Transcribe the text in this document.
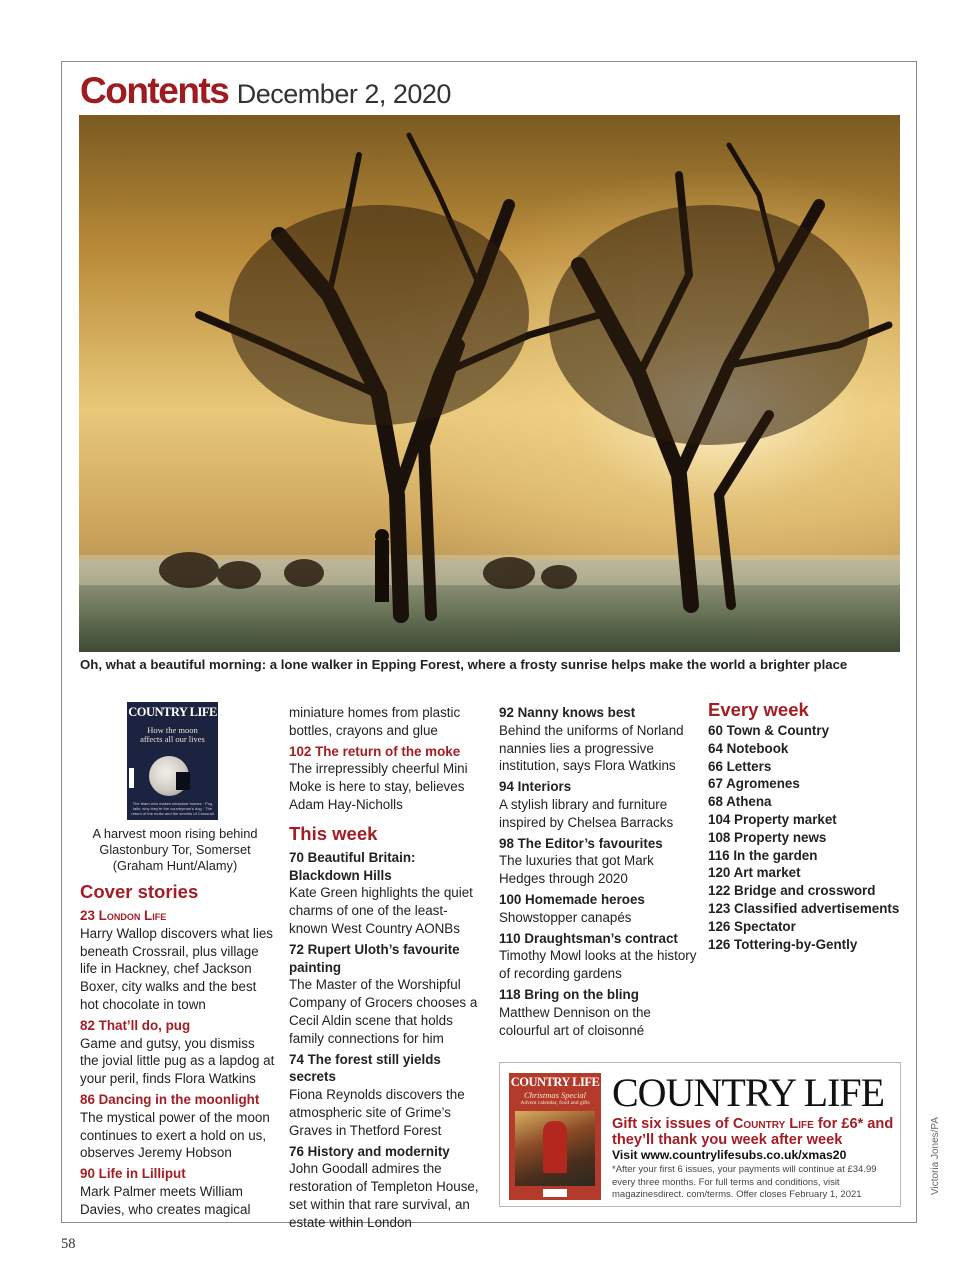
Contents December 2, 2020
Oh, what a beautiful morning: a lone walker in Epping Forest, where a frosty sunrise helps make the world a brighter place
COUNTRY LIFE
How the moon
affects all our lives
The team who makes miniature homes · Pug tails: why they're the countryman's dog · The return of the moke and the secrets of Crossrail
A harvest moon rising behind Glastonbury Tor, Somerset (Graham Hunt/Alamy)
Cover stories

23 London Life

Harry Wallop discovers what lies beneath Crossrail, plus village life in Hackney, chef Jackson Boxer, city walks and the best hot chocolate in town

82 That’ll do, pug

Game and gutsy, you dismiss the jovial little pug as a lapdog at your peril, finds Flora Watkins

86 Dancing in the moonlight

The mystical power of the moon continues to exert a hold on us, observes Jeremy Hobson

90 Life in Lilliput

Mark Palmer meets William Davies, who creates magical

miniature homes from plastic bottles, crayons and glue

102 The return of the moke

The irrepressibly cheerful Mini Moke is here to stay, believes Adam Hay-Nicholls

This week

70 Beautiful Britain: Blackdown Hills

Kate Green highlights the quiet charms of one of the least-known West Country AONBs

72 Rupert Uloth’s favourite painting

The Master of the Worshipful Company of Grocers chooses a Cecil Aldin scene that holds family connections for him

74 The forest still yields secrets

Fiona Reynolds discovers the atmospheric site of Grime’s Graves in Thetford Forest

76 History and modernity

John Goodall admires the restoration of Templeton House, set within that rare survival, an estate within London

92 Nanny knows best

Behind the uniforms of Norland nannies lies a progressive institution, says Flora Watkins

94 Interiors

A stylish library and furniture inspired by Chelsea Barracks

98 The Editor’s favourites

The luxuries that got Mark Hedges through 2020

100 Homemade heroes

Showstopper canapés

110 Draughtsman’s contract

Timothy Mowl looks at the history of recording gardens

118 Bring on the bling

Matthew Dennison on the colourful art of cloisonné

Every week

60 Town & Country

64 Notebook

66 Letters

67 Agromenes

68 Athena

104 Property market

108 Property news

116 In the garden

120 Art market

122 Bridge and crossword

123 Classified advertisements

126 Spectator

126 Tottering-by-Gently

COUNTRY LIFE
Christmas Special
Advent calendar, food and gifts COUNTRY LIFE
Gift six issues of Country Life for £6* and they’ll thank you week after week
Visit www.countrylifesubs.co.uk/xmas20
*After your first 6 issues, your payments will continue at £34.99 every three months. For full terms and conditions, visit magazinesdirect. com/terms. Offer closes February 1, 2021	Victoria Jones/PA
58
